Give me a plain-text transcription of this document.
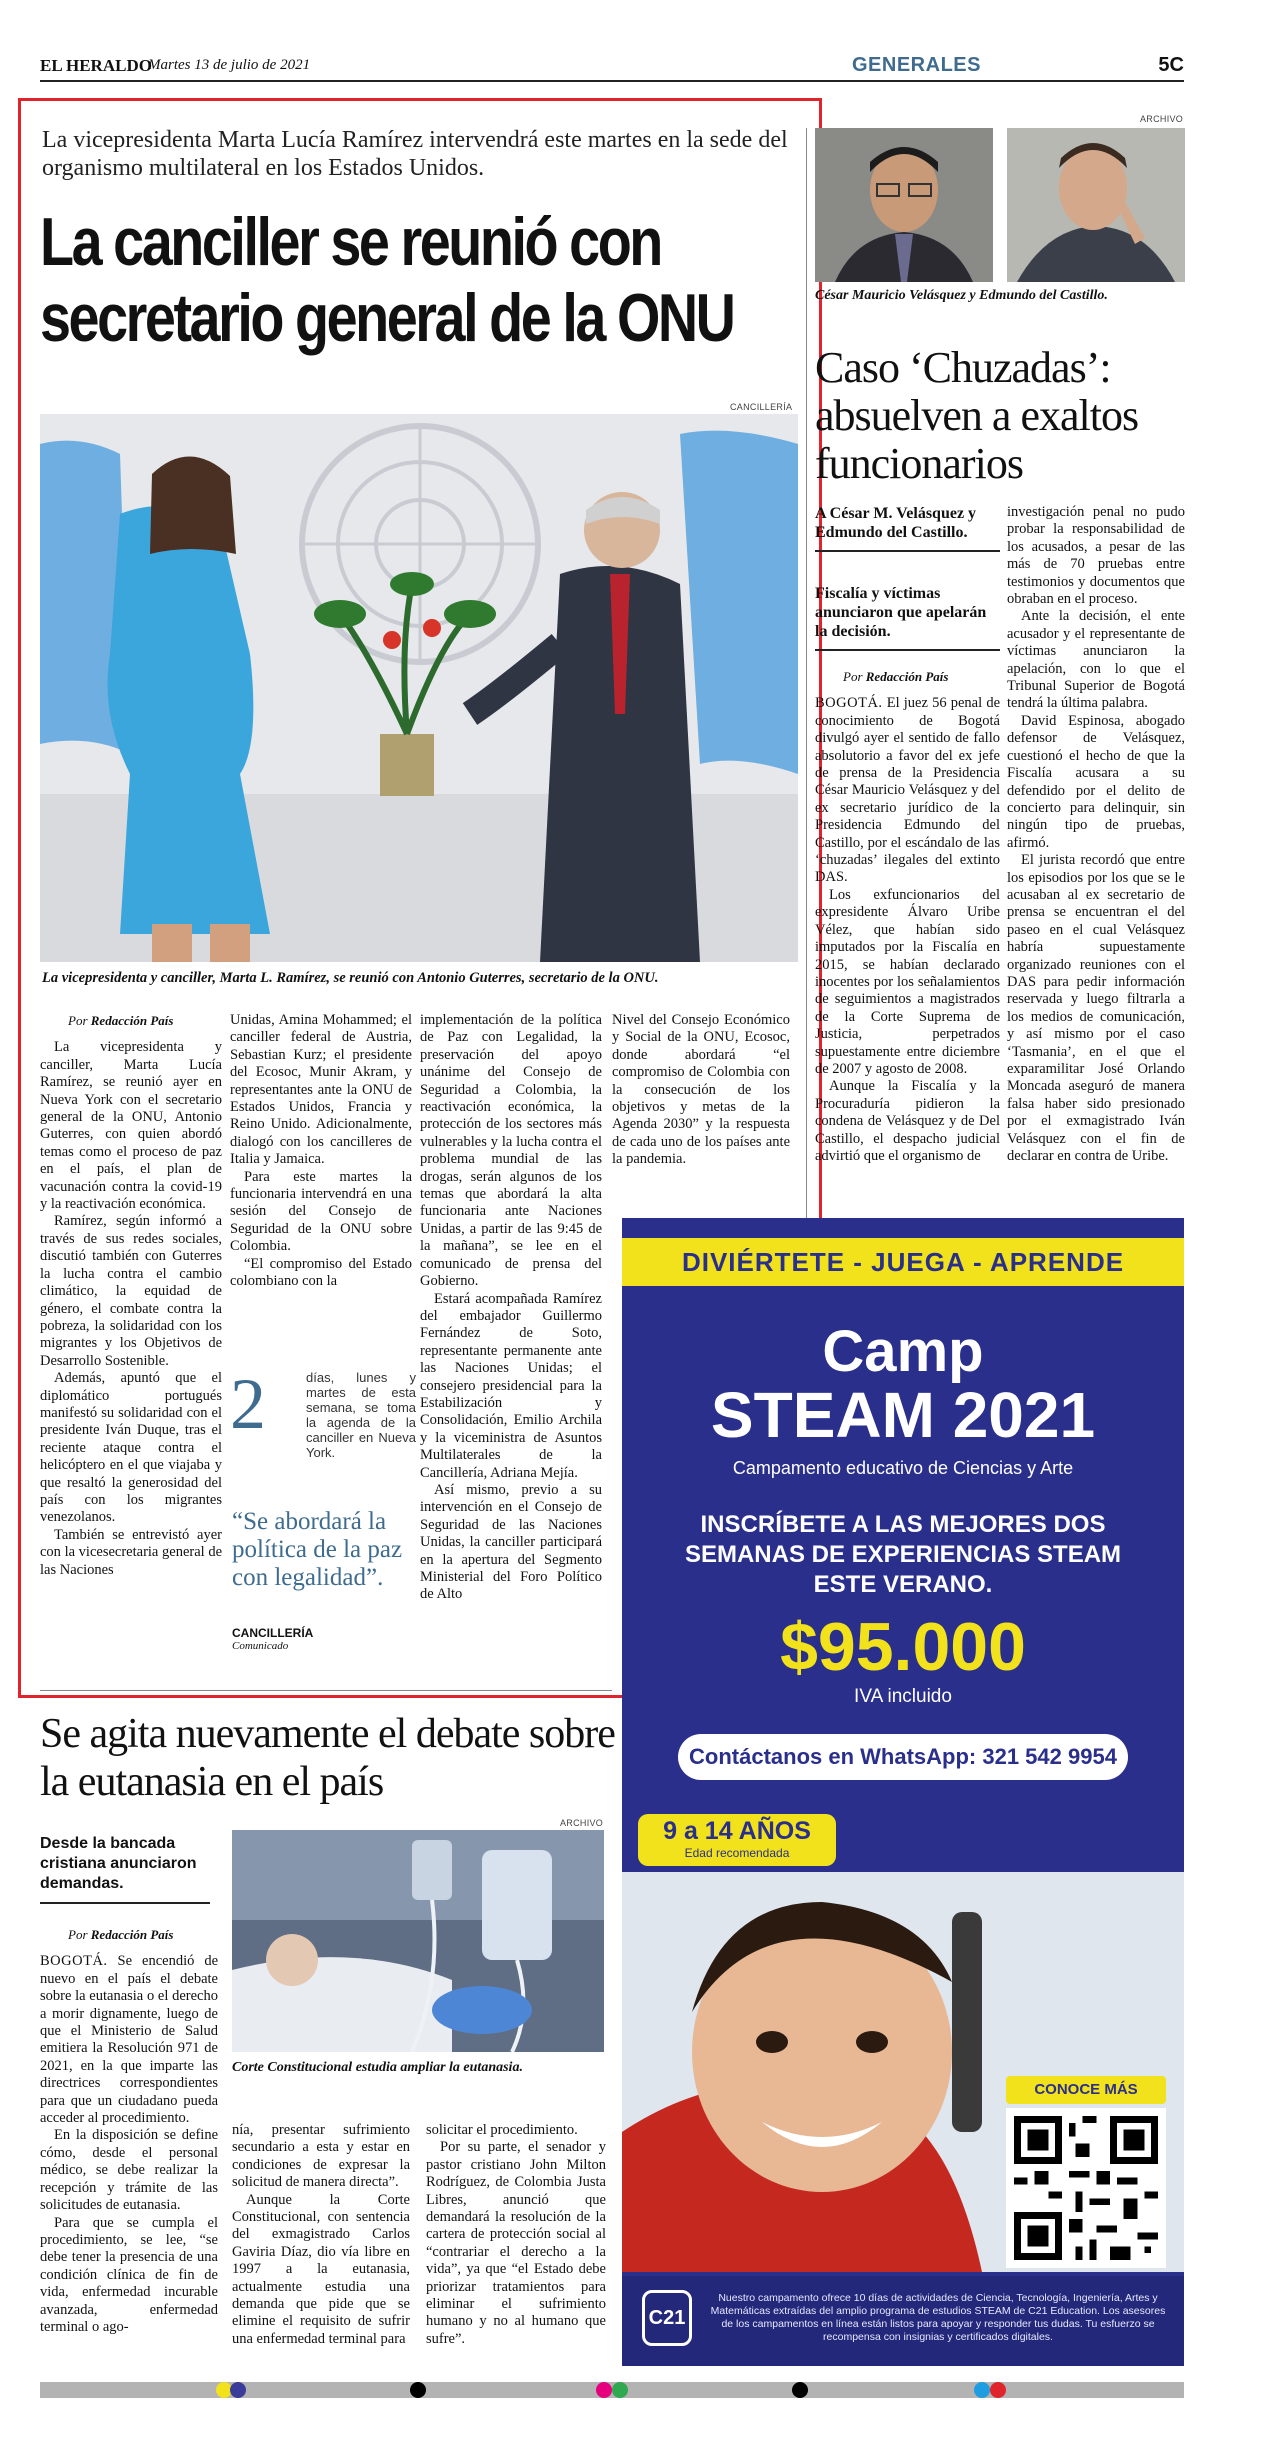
EL HERALDO
Martes 13 de julio de 2021	GENERALES	5C
La vicepresidenta Marta Lucía Ramírez intervendrá este martes en la sede del organismo multilateral en los Estados Unidos.
La canciller se reunió con
secretario general de la ONU
CANCILLERÍA
La vicepresidenta y canciller, Marta L. Ramírez, se reunió con Antonio Guterres, secretario de la ONU.
Por Redacción País

La vicepresidenta y canciller, Marta Lucía Ramírez, se reunió ayer en Nueva York con el secretario general de la ONU, Antonio Guterres, con quien abordó temas como el proceso de paz en el país, el plan de vacunación contra la covid-19 y la reactivación económica.

Ramírez, según informó a través de sus redes sociales, discutió también con Guterres la lucha contra el cambio climático, la equidad de género, el combate contra la pobreza, la solidaridad con los migrantes y los Objetivos de Desarrollo Sostenible.

Además, apuntó que el diplomático portugués manifestó su solidaridad con el presidente Iván Duque, tras el reciente ataque contra el helicóptero en el que viajaba y que resaltó la generosidad del país con los migrantes venezolanos.

También se entrevistó ayer con la vicesecretaria general de las Naciones

Unidas, Amina Mohammed; el canciller federal de Austria, Sebastian Kurz; el presidente del Ecosoc, Munir Akram, y representantes ante la ONU de Estados Unidos, Francia y Reino Unido. Adicionalmente, dialogó con los cancilleres de Italia y Jamaica.

Para este martes la funcionaria intervendrá en una sesión del Consejo de Seguridad de la ONU sobre Colombia.

“El compromiso del Estado colombiano con la

2	días, lunes y martes de esta semana, se toma la agenda de la canciller en Nueva York.
“Se abordará la política de la paz con legalidad”.
CANCILLERÍA
Comunicado

implementación de la política de Paz con Legalidad, la preservación del apoyo unánime del Consejo de Seguridad a Colombia, la reactivación económica, la protección de los sectores más vulnerables y la lucha contra el problema mundial de las drogas, serán algunos de los temas que abordará la alta funcionaria ante Naciones Unidas, a partir de las 9:45 de la mañana”, se lee en el comunicado de prensa del Gobierno.

Estará acompañada Ramírez del embajador Guillermo Fernández de Soto, representante permanente ante las Naciones Unidas; el consejero presidencial para la Estabilización y Consolidación, Emilio Archila y la viceministra de Asuntos Multilaterales de la Cancillería, Adriana Mejía.

Así mismo, previo a su intervención en el Consejo de Seguridad de las Naciones Unidas, la canciller participará en la apertura del Segmento Ministerial del Foro Político de Alto

Nivel del Consejo Económico y Social de la ONU, Ecosoc, donde abordará “el compromiso de Colombia con la consecución de los objetivos y metas de la Agenda 2030” y la respuesta de cada uno de los países ante la pandemia.

ARCHIVO
César Mauricio Velásquez y Edmundo del Castillo.
Caso ‘Chuzadas’: absuelven a exaltos funcionarios
A César M. Velásquez y Edmundo del Castillo.
Fiscalía y víctimas anunciaron que apelarán la decisión.
Por Redacción País

BOGOTÁ. El juez 56 penal de conocimiento de Bogotá divulgó ayer el sentido de fallo absolutorio a favor del ex jefe de prensa de la Presidencia César Mauricio Velásquez y del ex secretario jurídico de la Presidencia Edmundo del Castillo, por el escándalo de las ‘chuzadas’ ilegales del extinto DAS.

Los exfuncionarios del expresidente Álvaro Uribe Vélez, que habían sido imputados por la Fiscalía en 2015, se habían declarado inocentes por los señalamientos de seguimientos a magistrados de la Corte Suprema de Justicia, perpetrados supuestamente entre diciembre de 2007 y agosto de 2008.

Aunque la Fiscalía y la Procuraduría pidieron la condena de Velásquez y de Del Castillo, el despacho judicial advirtió que el organismo de

investigación penal no pudo probar la responsabilidad de los acusados, a pesar de las más de 70 pruebas entre testimonios y documentos que obraban en el proceso.

Ante la decisión, el ente acusador y el representante de víctimas anunciaron la apelación, con lo que el Tribunal Superior de Bogotá tendrá la última palabra.

David Espinosa, abogado defensor de Velásquez, cuestionó el hecho de que la Fiscalía acusara a su defendido por el delito de concierto para delinquir, sin ningún tipo de pruebas, afirmó.

El jurista recordó que entre los episodios por los que se le acusaban al ex secretario de prensa se encuentran el del paseo en el cual Velásquez habría supuestamente organizado reuniones con el DAS para pedir información reservada y luego filtrarla a los medios de comunicación, y así mismo por el caso ‘Tasmania’, en el que el exparamilitar José Orlando Moncada aseguró de manera falsa haber sido presionado por el exmagistrado Iván Velásquez con el fin de declarar en contra de Uribe.

Se agita nuevamente el debate sobre la eutanasia en el país
Desde la bancada cristiana anunciaron demandas.
ARCHIVO
Corte Constitucional estudia ampliar la eutanasia.
Por Redacción País

BOGOTÁ. Se encendió de nuevo en el país el debate sobre la eutanasia o el derecho a morir dignamente, luego de que el Ministerio de Salud emitiera la Resolución 971 de 2021, en la que imparte las directrices correspondientes para que un ciudadano pueda acceder al procedimiento.

En la disposición se define cómo, desde el personal médico, se debe realizar la recepción y trámite de las solicitudes de eutanasia.

Para que se cumpla el procedimiento, se lee, “se debe tener la presencia de una condición clínica de fin de vida, enfermedad incurable avanzada, enfermedad terminal o ago-

nía, presentar sufrimiento secundario a esta y estar en condiciones de expresar la solicitud de manera directa”.

Aunque la Corte Constitucional, con sentencia del exmagistrado Carlos Gaviria Díaz, dio vía libre en 1997 a la eutanasia, actualmente estudia una demanda que pide que se elimine el requisito de sufrir una enfermedad terminal para

solicitar el procedimiento.

Por su parte, el senador y pastor cristiano John Milton Rodríguez, de Colombia Justa Libres, anunció que demandará la resolución de la cartera de protección social al “contrariar el derecho a la vida”, ya que “el Estado debe priorizar tratamientos para eliminar el sufrimiento humano y no al humano que sufre”.

DIVIÉRTETE - JUEGA - APRENDE
Camp
STEAM 2021
Campamento educativo de Ciencias y Arte
INSCRÍBETE A LAS MEJORES DOS SEMANAS DE EXPERIENCIAS STEAM ESTE VERANO.
$95.000
IVA incluido
Contáctanos en WhatsApp: 321 542 9954
9 a 14 AÑOS
Edad recomendada
CONOCE MÁS
C21
Nuestro campamento ofrece 10 días de actividades de Ciencia, Tecnología, Ingeniería, Artes y Matemáticas extraídas del amplio programa de estudios STEAM de C21 Education. Los asesores de los campamentos en línea están listos para apoyar y responder tus dudas. Tu esfuerzo se recompensa con insignias y certificados digitales.
